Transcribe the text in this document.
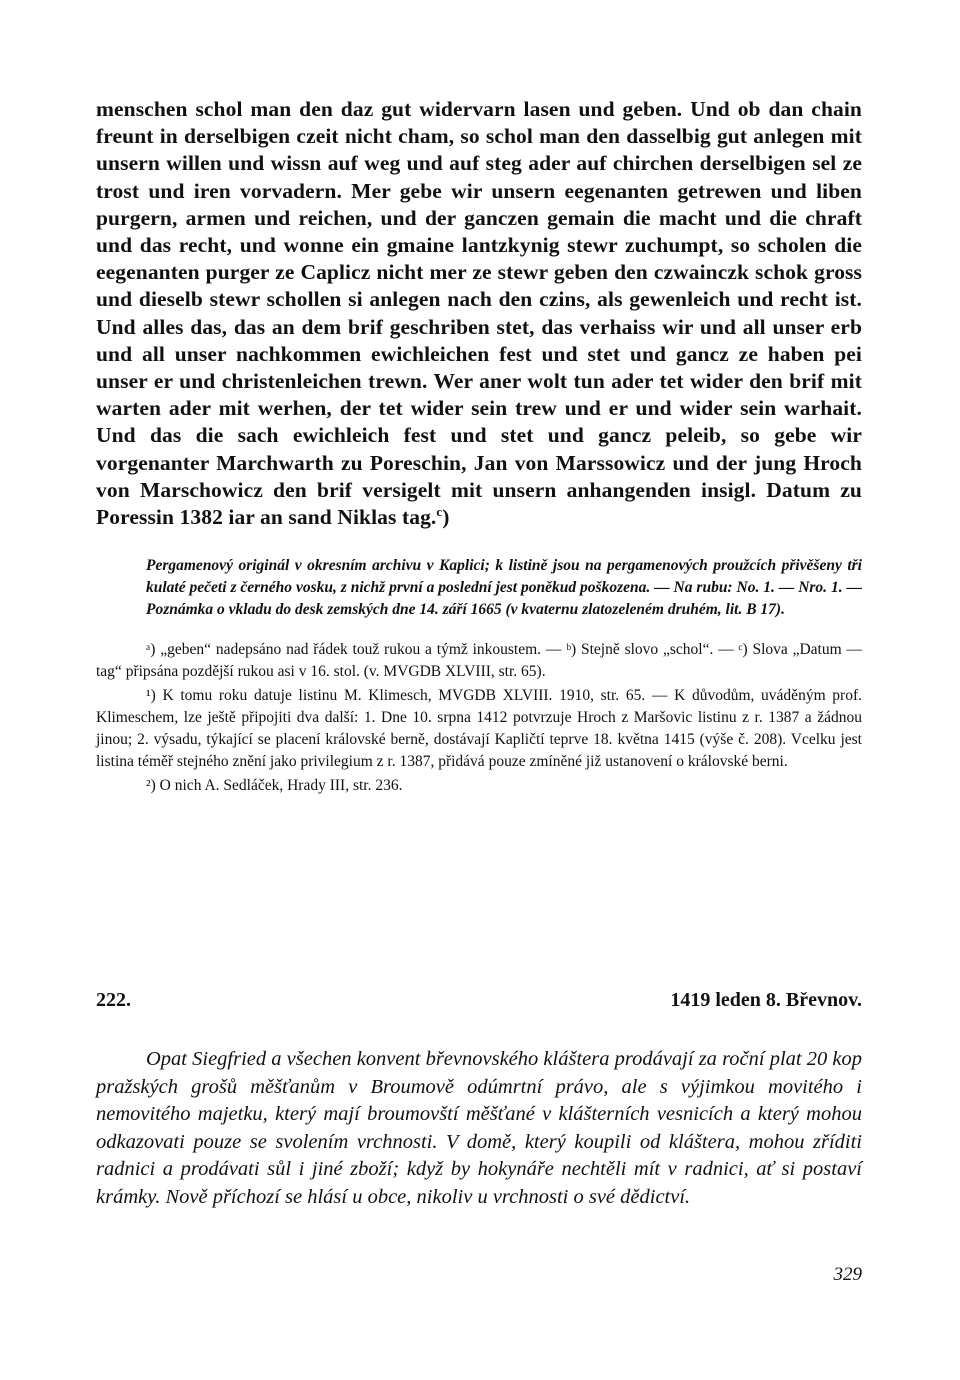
menschen schol man den daz gut widervarn lasen und geben. Und ob dan chain freunt in derselbigen czeit nicht cham, so schol man den dasselbig gut anlegen mit unsern willen und wissn auf weg und auf steg ader auf chirchen derselbigen sel ze trost und iren vorvadern. Mer gebe wir unsern eegenanten getrewen und liben purgern, armen und reichen, und der ganczen gemain die macht und die chraft und das recht, und wonne ein gmaine lantzkynig stewr zuchumpt, so scholen die eegenanten purger ze Caplicz nicht mer ze stewr geben den czwainczk schok gross und dieselb stewr schollen si anlegen nach den czins, als gewenleich und recht ist. Und alles das, das an dem brif geschriben stet, das verhaiss wir und all unser erb und all unser nachkommen ewichleichen fest und stet und gancz ze haben pei unser er und christenleichen trewn. Wer aner wolt tun ader tet wider den brif mit warten ader mit werhen, der tet wider sein trew und er und wider sein warhait. Und das die sach ewichleich fest und stet und gancz peleib, so gebe wir vorgenanter Marchwarth zu Poreschin, Jan von Marssowicz und der jung Hroch von Marschowicz den brif versigelt mit unsern anhangenden insigl. Datum zu Poressin 1382 iar an sand Niklas tag.$^c$)

Pergamenový originál v okresním archivu v Kaplici; k listině jsou na pergamenových proužcích přivěšeny tři kulaté pečeti z černého vosku, z nichž první a poslední jest poněkud poškozena. — Na rubu: No. 1. — Nro. 1. — Poznámka o vkladu do desk zemských dne 14. září 1665 (v kvaternu zlatozeleném druhém, lit. B 17).

ᵃ) „geben“ nadepsáno nad řádek touž rukou a týmž inkoustem. — ᵇ) Stejně slovo „schol“. — ᶜ) Slova „Datum — tag“ připsána pozdější rukou asi v 16. stol. (v. MVGDB XLVIII, str. 65).

¹) K tomu roku datuje listinu M. Klimesch, MVGDB XLVIII. 1910, str. 65. — K důvodům, uváděným prof. Klimeschem, lze ještě připojiti dva další: 1. Dne 10. srpna 1412 potvrzuje Hroch z Maršovic listinu z r. 1387 a žádnou jinou; 2. výsadu, týkající se placení královské berně, dostávají Kapličtí teprve 18. května 1415 (výše č. 208). Vcelku jest listina téměř stejného znění jako privilegium z r. 1387, přidává pouze zmíněné již ustanovení o královské berni.

²) O nich A. Sedláček, Hrady III, str. 236.

222.	1419 leden 8. Břevnov.

Opat Siegfried a všechen konvent břevnovského kláštera prodávají za roční plat 20 kop pražských grošů měšťanům v Broumově odúmrtní právo, ale s výjimkou movitého i nemovitého majetku, který mají broumovští měšťané v klášterních vesnicích a který mohou odkazovati pouze se svolením vrchnosti. V domě, který koupili od kláštera, mohou zříditi radnici a prodávati sůl i jiné zboží; když by hokynáře nechtěli mít v radnici, ať si postaví krámky. Nově příchozí se hlásí u obce, nikoliv u vrchnosti o své dědictví.

329
